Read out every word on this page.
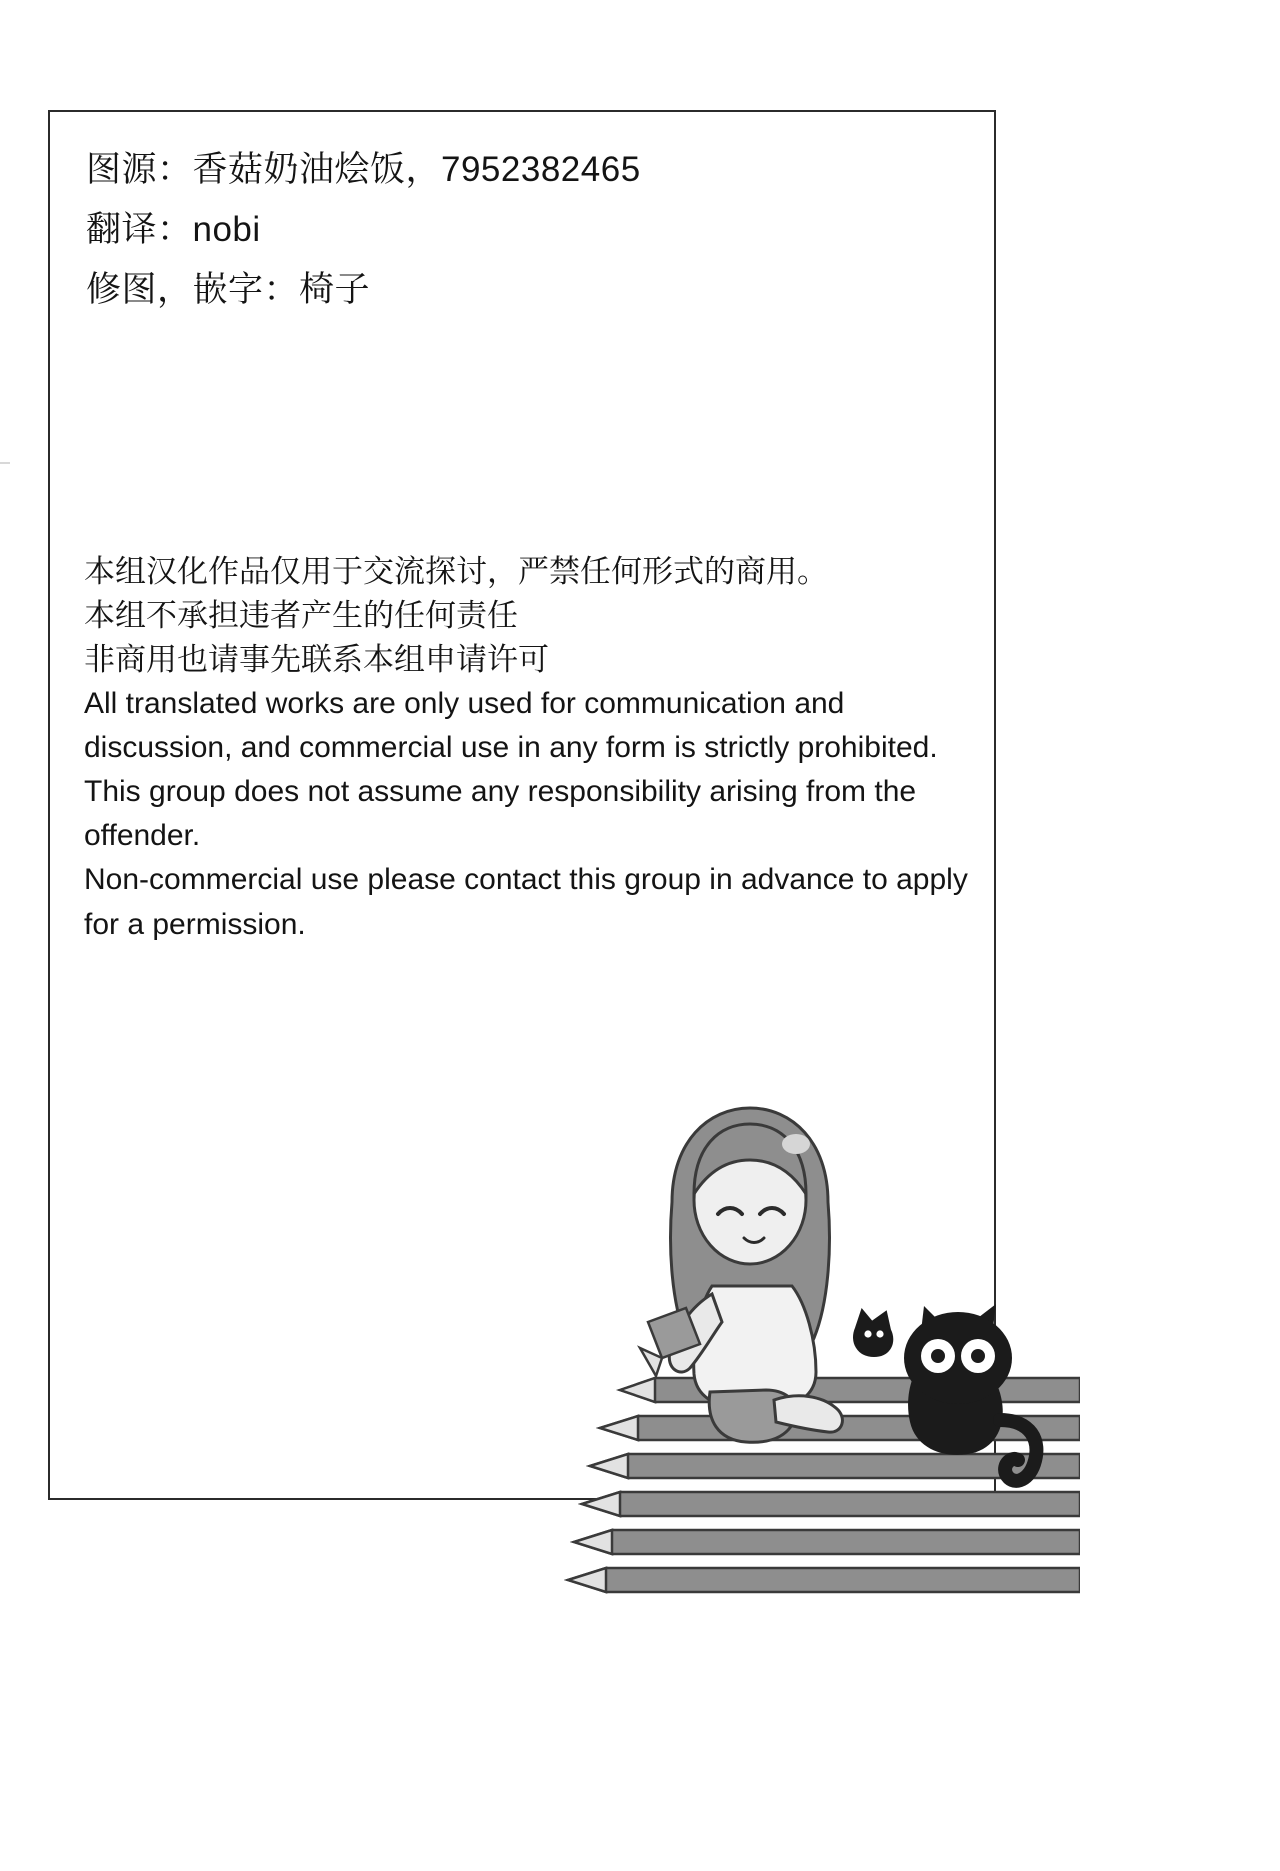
图源：香菇奶油烩饭，7952382465
翻译：nobi
修图，嵌字：椅子
本组汉化作品仅用于交流探讨，严禁任何形式的商用。
本组不承担违者产生的任何责任
非商用也请事先联系本组申请许可

All translated works are only used for communication and discussion, and commercial use in any form is strictly prohibited.

This group does not assume any responsibility arising from the offender.

Non-commercial use please contact this group in advance to apply for a permission.
